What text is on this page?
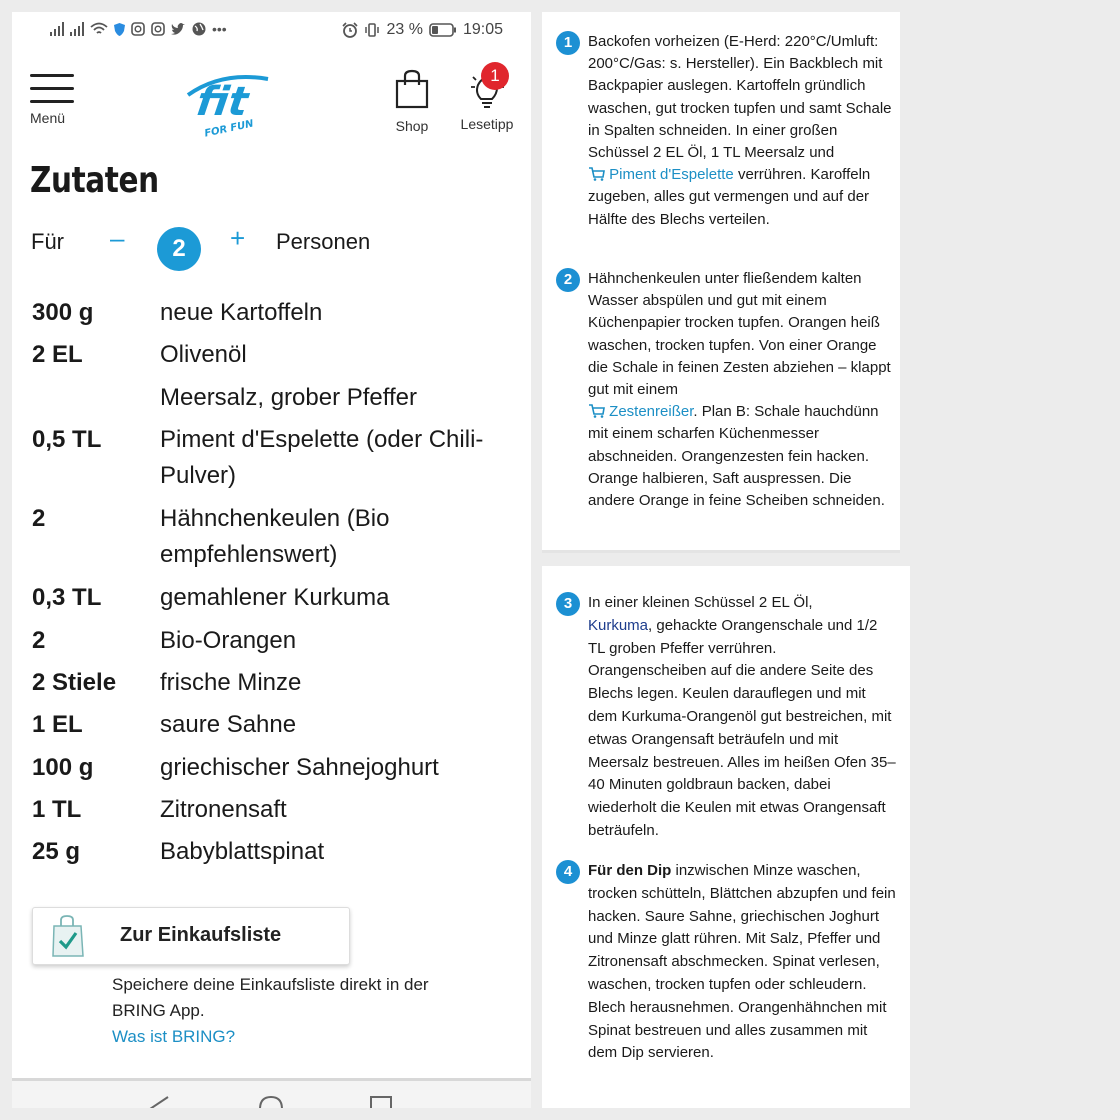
•••	23 %	19:05
Menü	fit
FOR FUN	Shop	Lesetipp
1
Zutaten
Für –	2	+ Personen
300 g	neue Kartoffeln
2 EL	Olivenöl
Meersalz, grober Pfeffer
0,5 TL	Piment d'Espelette (oder Chili-Pulver)
2	Hähnchenkeulen (Bio empfehlenswert)
0,3 TL	gemahlener Kurkuma
2	Bio-Orangen
2 Stiele	frische Minze
1 EL	saure Sahne
100 g	griechischer Sahnejoghurt
1 TL	Zitronensaft
25 g	Babyblattspinat
Zur Einkaufsliste
Speichere deine Einkaufsliste direkt in der BRING App.
Was ist BRING?
1	Backofen vorheizen (E-Herd: 220°C/Umluft: 200°C/Gas: s. Hersteller). Ein Backblech mit Backpapier auslegen. Kartoffeln gründlich waschen, gut trocken tupfen und samt Schale in Spalten schneiden. In einer großen Schüssel 2 EL Öl, 1 TL Meersalz und
Piment d'Espelette verrühren. Karoffeln zugeben, alles gut vermengen und auf der Hälfte des Blechs verteilen.
2	Hähnchenkeulen unter fließendem kalten Wasser abspülen und gut mit einem Küchenpapier trocken tupfen. Orangen heiß waschen, trocken tupfen. Von einer Orange die Schale in feinen Zesten abziehen – klappt gut mit einem
Zestenreißer. Plan B: Schale hauchdünn mit einem scharfen Küchenmesser abschneiden. Orangenzesten fein hacken. Orange halbieren, Saft auspressen. Die andere Orange in feine Scheiben schneiden.
3	In einer kleinen Schüssel 2 EL Öl,
Kurkuma, gehackte Orangenschale und 1/2 TL groben Pfeffer verrühren. Orangenscheiben auf die andere Seite des Blechs legen. Keulen darauflegen und mit dem Kurkuma-Orangenöl gut bestreichen, mit etwas Orangensaft beträufeln und mit Meersalz bestreuen. Alles im heißen Ofen 35–40 Minuten goldbraun backen, dabei wiederholt die Keulen mit etwas Orangensaft beträufeln.
4	Für den Dip inzwischen Minze waschen, trocken schütteln, Blättchen abzupfen und fein hacken. Saure Sahne, griechischen Joghurt und Minze glatt rühren. Mit Salz, Pfeffer und Zitronensaft abschmecken. Spinat verlesen, waschen, trocken tupfen oder schleudern. Blech herausnehmen. Orangenhähnchen mit Spinat bestreuen und alles zusammen mit dem Dip servieren.
